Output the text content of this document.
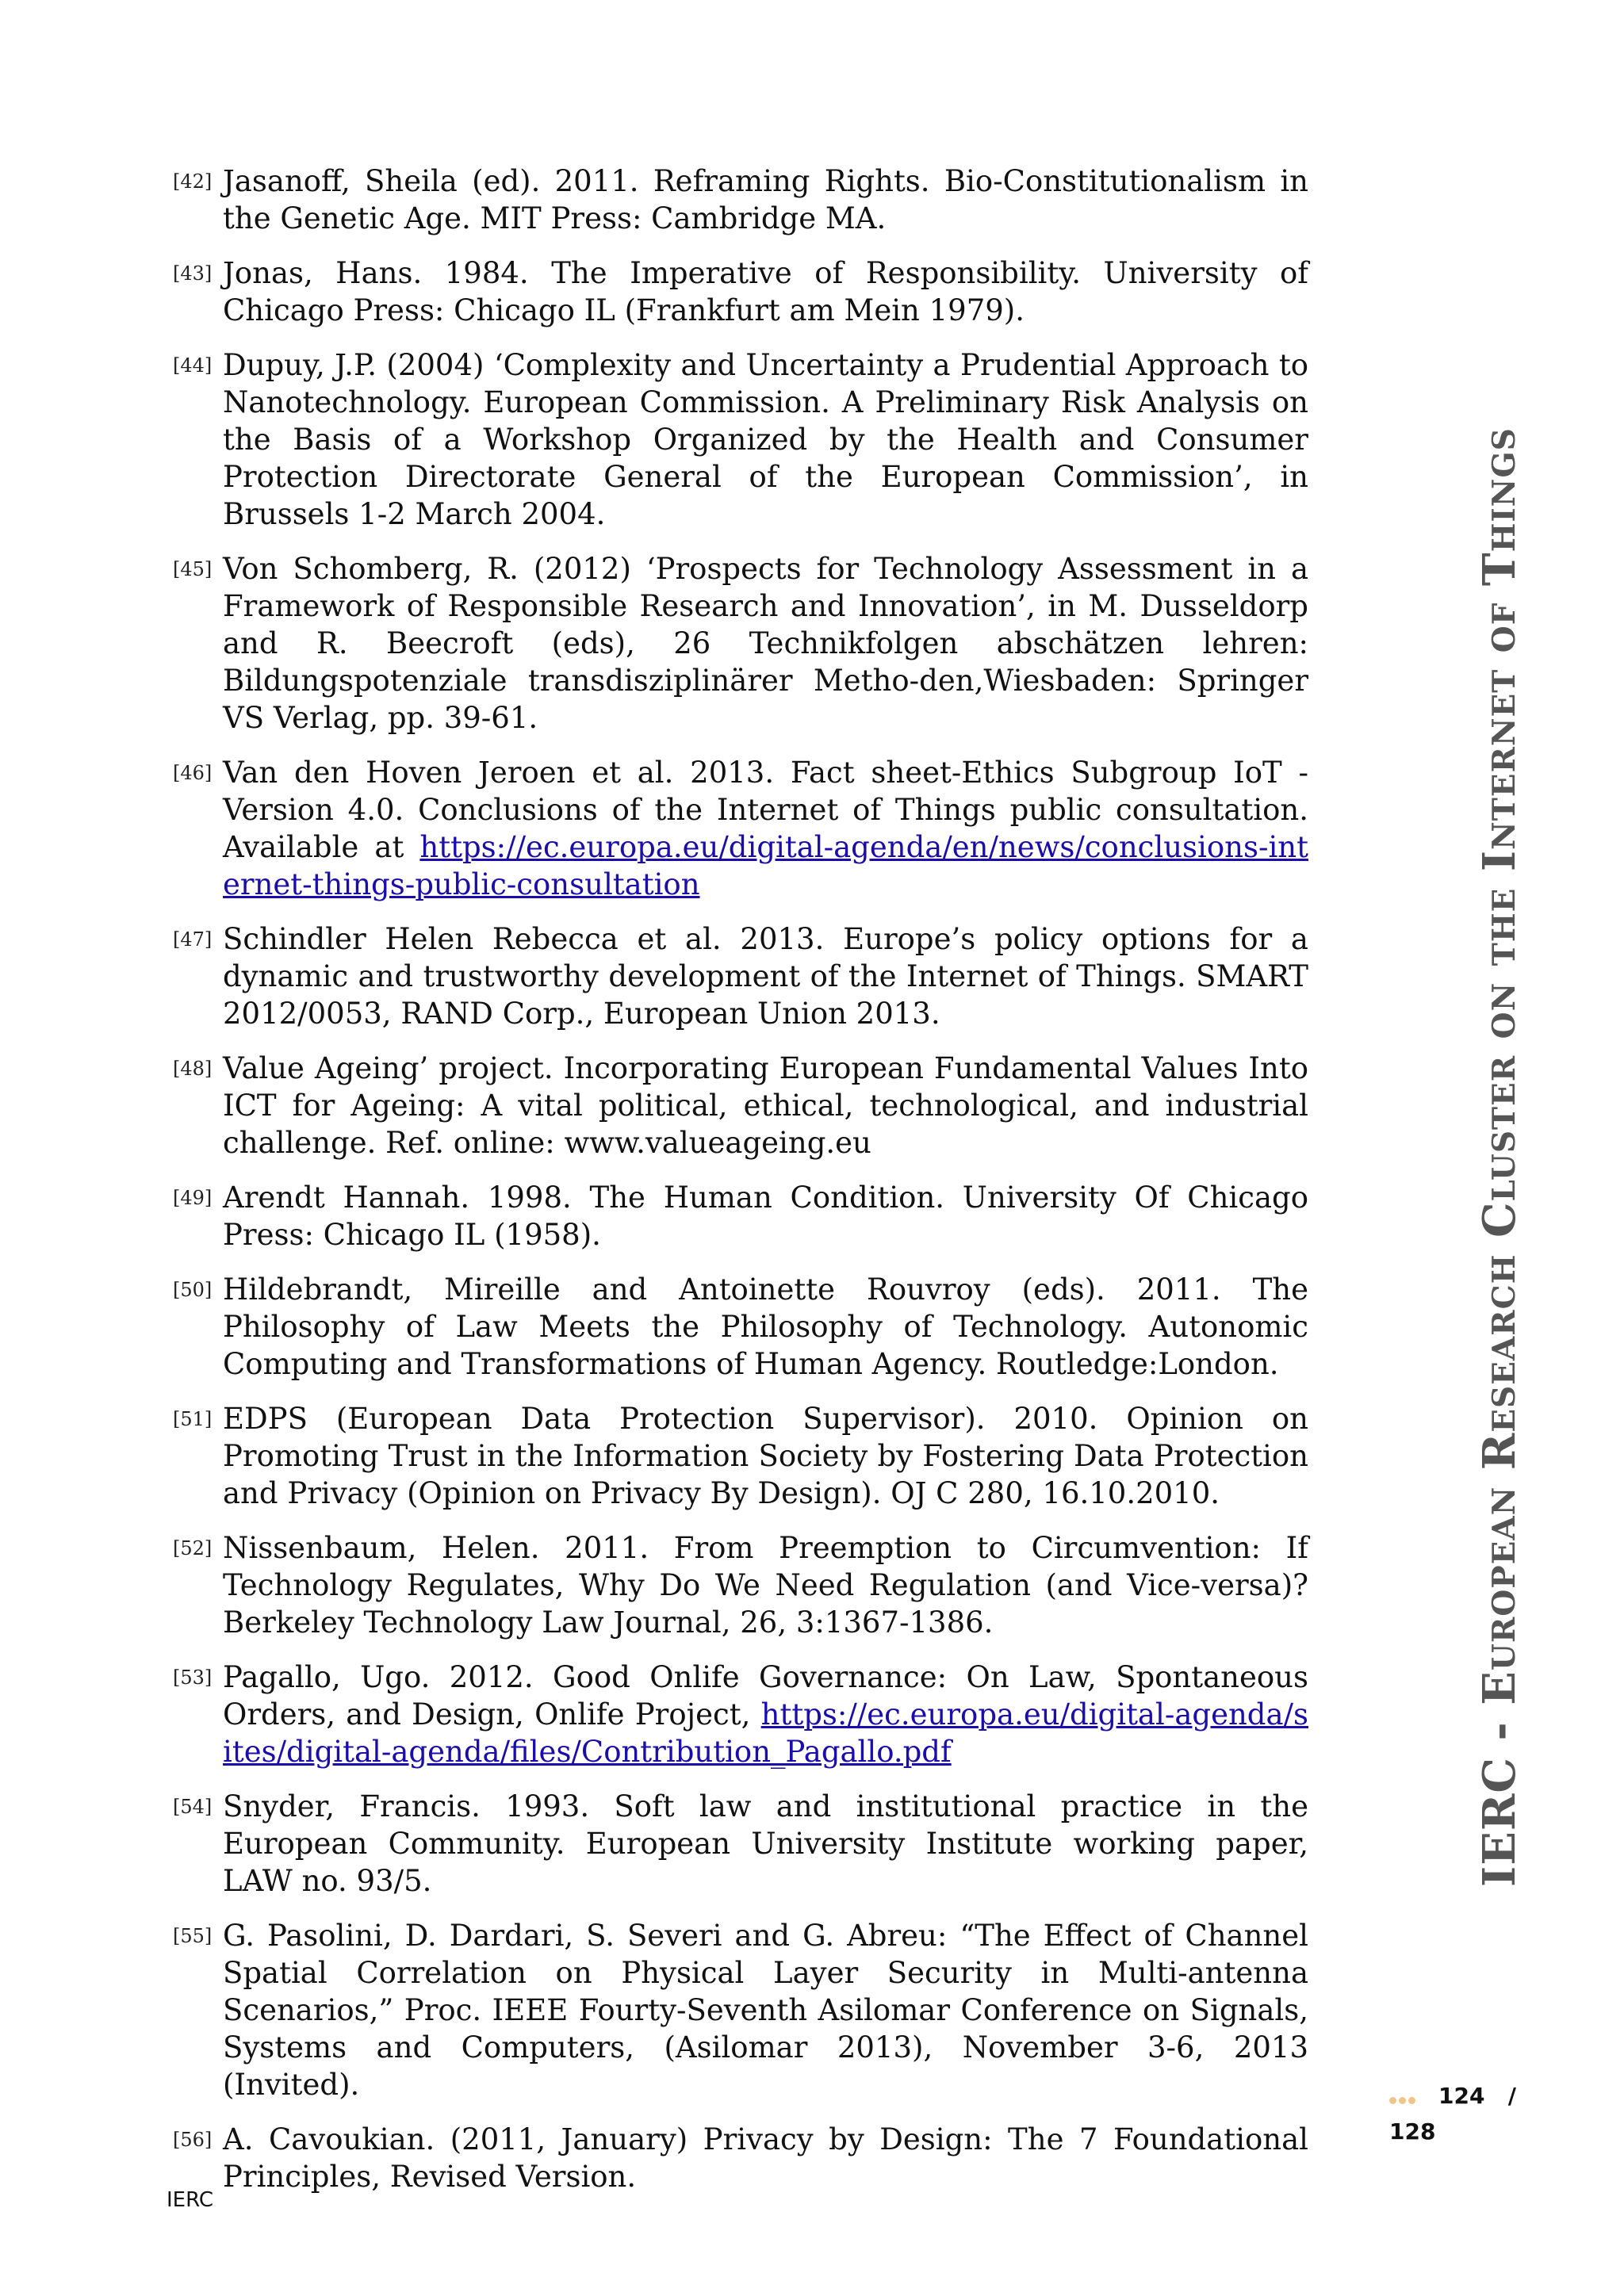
[42] Jasanoff, Sheila (ed). 2011. Reframing Rights. Bio-Constitutionalism in the Genetic Age. MIT Press: Cambridge MA.
[43] Jonas, Hans. 1984. The Imperative of Responsibility. University of Chicago Press: Chicago IL (Frankfurt am Mein 1979).
[44] Dupuy, J.P. (2004) ‘Complexity and Uncertainty a Prudential Approach to Nanotechnology. European Commission. A Preliminary Risk Analysis on the Basis of a Workshop Organized by the Health and Consumer Protection Directorate General of the European Commission’, in Brussels 1-2 March 2004.
[45] Von Schomberg, R. (2012) ‘Prospects for Technology Assessment in a Framework of Responsible Research and Innovation’, in M. Dusseldorp and R. Beecroft (eds), 26 Technikfolgen abschätzen lehren: Bildungspotenziale transdisziplinärer Metho-den,Wiesbaden: Springer VS Verlag, pp. 39-61.
[46] Van den Hoven Jeroen et al. 2013. Fact sheet-Ethics Subgroup IoT - Version 4.0. Conclusions of the Internet of Things public consultation. Available at https://ec.europa.eu/digital-agenda/en/news/conclusions-internet-things-public-consultation
[47] Schindler Helen Rebecca et al. 2013. Europe’s policy options for a dynamic and trustworthy development of the Internet of Things. SMART 2012/0053, RAND Corp., European Union 2013.
[48] Value Ageing’ project. Incorporating European Fundamental Values Into ICT for Ageing: A vital political, ethical, technological, and industrial challenge. Ref. online: www.valueageing.eu
[49] Arendt Hannah. 1998. The Human Condition. University Of Chicago Press: Chicago IL (1958).
[50] Hildebrandt, Mireille and Antoinette Rouvroy (eds). 2011. The Philosophy of Law Meets the Philosophy of Technology. Autonomic Computing and Transformations of Human Agency. Routledge:London.
[51] EDPS (European Data Protection Supervisor). 2010. Opinion on Promoting Trust in the Information Society by Fostering Data Protection and Privacy (Opinion on Privacy By Design). OJ C 280, 16.10.2010.
[52] Nissenbaum, Helen. 2011. From Preemption to Circumvention: If Technology Regulates, Why Do We Need Regulation (and Vice-versa)? Berkeley Technology Law Journal, 26, 3:1367-1386.
[53] Pagallo, Ugo. 2012. Good Onlife Governance: On Law, Spontaneous Orders, and Design, Onlife Project, https://ec.europa.eu/digital-agenda/sites/digital-agenda/files/Contribution_Pagallo.pdf
[54] Snyder, Francis. 1993. Soft law and institutional practice in the European Community. European University Institute working paper, LAW no. 93/5.
[55] G. Pasolini, D. Dardari, S. Severi and G. Abreu: “The Effect of Channel Spatial Correlation on Physical Layer Security in Multi-antenna Scenarios,” Proc. IEEE Fourty-Seventh Asilomar Conference on Signals, Systems and Computers, (Asilomar 2013), November 3-6, 2013 (Invited).
[56] A. Cavoukian. (2011, January) Privacy by Design: The 7 Foundational Principles, Revised Version.
IERC - European Research Cluster on the Internet of Things
124 /
128
IERC
